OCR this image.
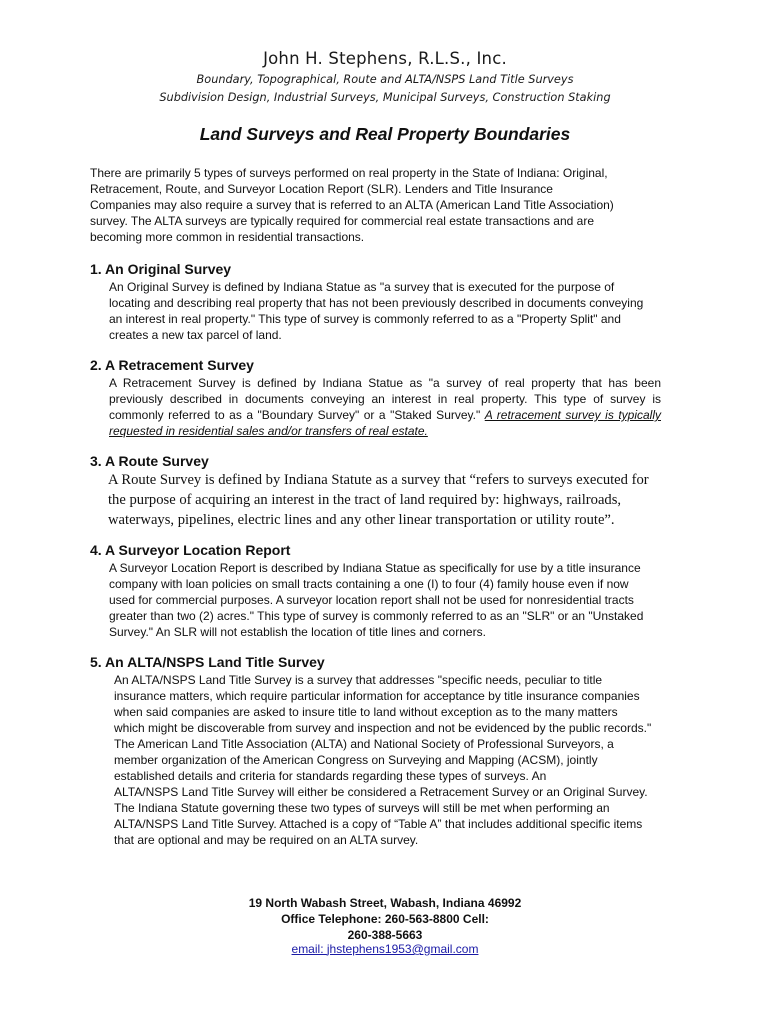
John H. Stephens, R.L.S., Inc.
Boundary, Topographical, Route and ALTA/NSPS Land Title Surveys
Subdivision Design, Industrial Surveys, Municipal Surveys, Construction Staking
Land Surveys and Real Property Boundaries
There are primarily 5 types of surveys performed on real property in the State of Indiana: Original,
Retracement, Route, and Surveyor Location Report (SLR). Lenders and Title Insurance
Companies may also require a survey that is referred to an ALTA (American Land Title Association)
survey. The ALTA surveys are typically required for commercial real estate transactions and are
becoming more common in residential transactions.
1. An Original Survey
An Original Survey is defined by Indiana Statue as "a survey that is executed for the purpose of
locating and describing real property that has not been previously described in documents conveying
an interest in real property." This type of survey is commonly referred to as a "Property Split" and
creates a new tax parcel of land.
2. A Retracement Survey
A Retracement Survey is defined by Indiana Statue as "a survey of real property that has been previously described in documents conveying an interest in real property. This type of survey is commonly referred to as a "Boundary Survey" or a "Staked Survey." A retracement survey is typically requested in residential sales and/or transfers of real estate.
3. A Route Survey
A Route Survey is defined by Indiana Statute as a survey that “refers to surveys executed for
the purpose of acquiring an interest in the tract of land required by: highways, railroads,
waterways, pipelines, electric lines and any other linear transportation or utility route”.
4. A Surveyor Location Report
A Surveyor Location Report is described by Indiana Statue as specifically for use by a title insurance
company with loan policies on small tracts containing a one (I) to four (4) family house even if now
used for commercial purposes. A surveyor location report shall not be used for nonresidential tracts
greater than two (2) acres." This type of survey is commonly referred to as an "SLR" or an "Unstaked
Survey." An SLR will not establish the location of title lines and corners.
5. An ALTA/NSPS Land Title Survey
An ALTA/NSPS Land Title Survey is a survey that addresses "specific needs, peculiar to title
insurance matters, which require particular information for acceptance by title insurance companies
when said companies are asked to insure title to land without exception as to the many matters
which might be discoverable from survey and inspection and not be evidenced by the public records."
The American Land Title Association (ALTA) and National Society of Professional Surveyors, a
member organization of the American Congress on Surveying and Mapping (ACSM), jointly
established details and criteria for standards regarding these types of surveys. An
ALTA/NSPS Land Title Survey will either be considered a Retracement Survey or an Original Survey.
The Indiana Statute governing these two types of surveys will still be met when performing an
ALTA/NSPS Land Title Survey. Attached is a copy of “Table A” that includes additional specific items
that are optional and may be required on an ALTA survey.
19 North Wabash Street, Wabash, Indiana 46992
Office Telephone: 260-563-8800 Cell:
260-388-5663
email: jhstephens1953@gmail.com
